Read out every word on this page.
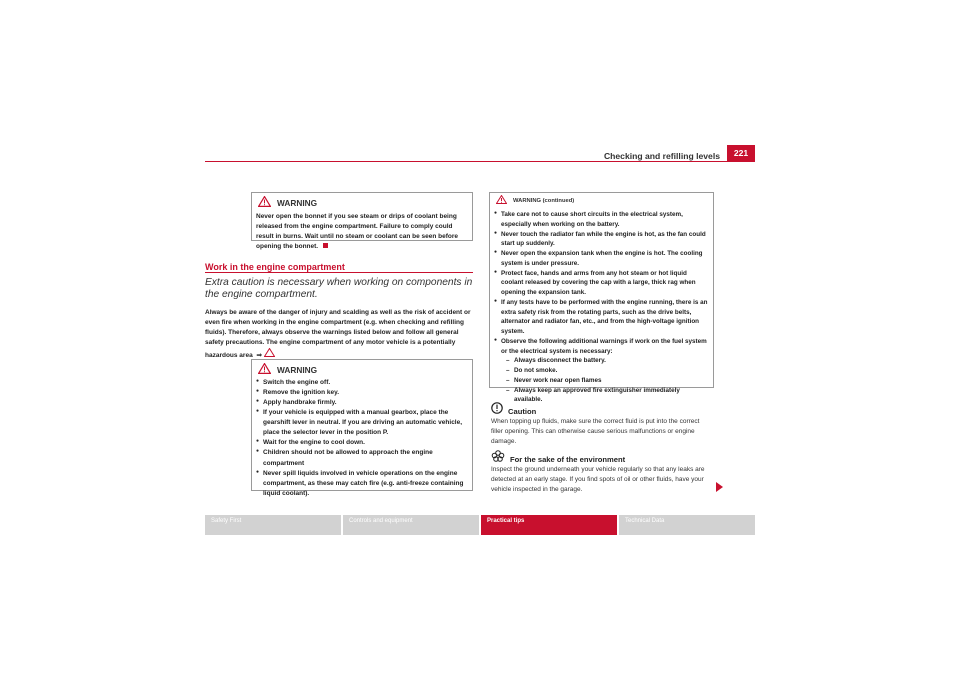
Checking and refilling levels	221
WARNING
Never open the bonnet if you see steam or drips of coolant being released from the engine compartment. Failure to comply could result in burns. Wait until no steam or coolant can be seen before opening the bonnet.
Work in the engine compartment
Extra caution is necessary when working on components in the engine compartment.
Always be aware of the danger of injury and scalding as well as the risk of accident or even fire when working in the engine compartment (e.g. when checking and refilling fluids). Therefore, always observe the warnings listed below and follow all general safety precautions. The engine compartment of any motor vehicle is a potentially hazardous area ⇒
WARNING
● Switch the engine off.
● Remove the ignition key.
● Apply handbrake firmly.
● If your vehicle is equipped with a manual gearbox, place the gearshift lever in neutral. If you are driving an automatic vehicle, place the selector lever in the position P.
● Wait for the engine to cool down.
● Children should not be allowed to approach the engine compartment
● Never spill liquids involved in vehicle operations on the engine compartment, as these may catch fire (e.g. anti-freeze containing liquid coolant).
WARNING (continued)
● Take care not to cause short circuits in the electrical system, especially when working on the battery.
● Never touch the radiator fan while the engine is hot, as the fan could start up suddenly.
● Never open the expansion tank when the engine is hot. The cooling system is under pressure.
● Protect face, hands and arms from any hot steam or hot liquid coolant released by covering the cap with a large, thick rag when opening the expansion tank.
● If any tests have to be performed with the engine running, there is an extra safety risk from the rotating parts, such as the drive belts, alternator and radiator fan, etc., and from the high-voltage ignition system.
● Observe the following additional warnings if work on the fuel system or the electrical system is necessary:
– Always disconnect the battery.
– Do not smoke.
– Never work near open flames
– Always keep an approved fire extinguisher immediately available.
Caution
When topping up fluids, make sure the correct fluid is put into the correct filler opening. This can otherwise cause serious malfunctions or engine damage.
For the sake of the environment
Inspect the ground underneath your vehicle regularly so that any leaks are detected at an early stage. If you find spots of oil or other fluids, have your vehicle inspected in the garage.
Safety First	Controls and equipment	Practical tips	Technical Data
